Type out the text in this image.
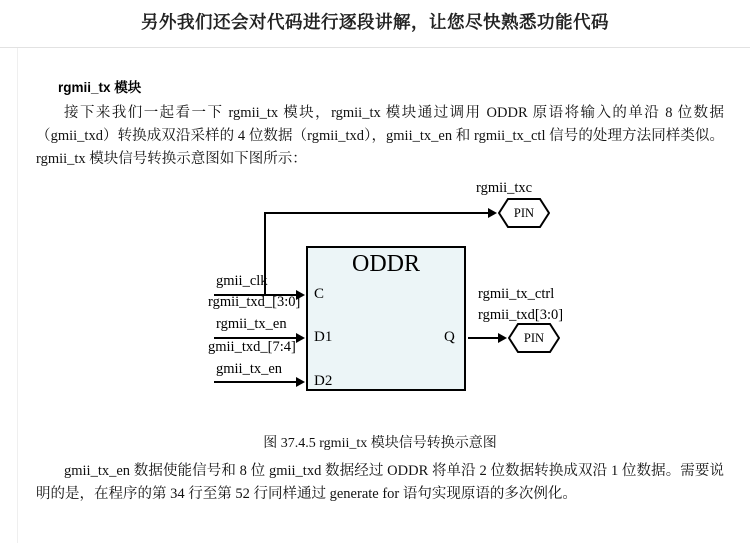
另外我们还会对代码进行逐段讲解，让您尽快熟悉功能代码
rgmii_tx 模块

接下来我们一起看一下 rgmii_tx 模块，rgmii_tx 模块通过调用 ODDR 原语将输入的单沿 8 位数据（gmii_txd）转换成双沿采样的 4 位数据（rgmii_txd），gmii_tx_en 和 rgmii_tx_ctl 信号的处理方法同样类似。rgmii_tx 模块信号转换示意图如下图所示：

ODDR
C
D1
D2
Q
rgmii_txc
PIN
gmii_clk
rgmii_txd_[3:0]
rgmii_tx_en
gmii_txd_[7:4]
gmii_tx_en
rgmii_tx_ctrl
rgmii_txd[3:0]
PIN
图 37.4.5 rgmii_tx 模块信号转换示意图

gmii_tx_en 数据使能信号和 8 位 gmii_txd 数据经过 ODDR 将单沿 2 位数据转换成双沿 1 位数据。需要说明的是，在程序的第 34 行至第 52 行同样通过 generate for 语句实现原语的多次例化。
